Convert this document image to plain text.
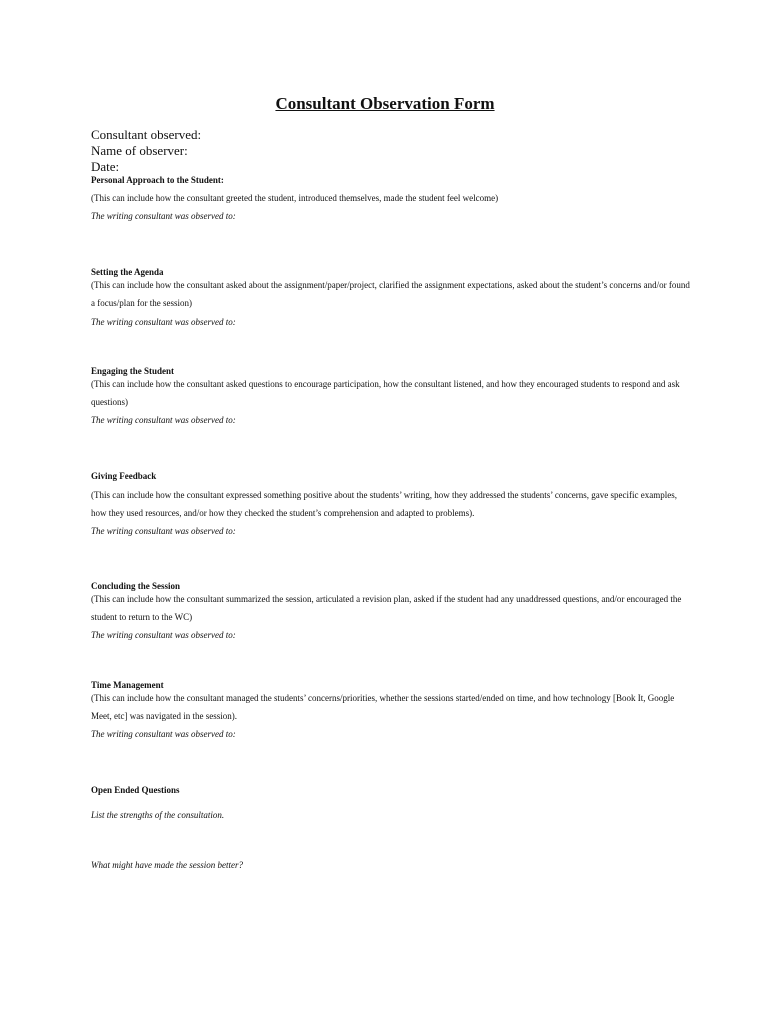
Consultant Observation Form
Consultant observed:
Name of observer:
Date:
Personal Approach to the Student:
(This can include how the consultant greeted the student, introduced themselves, made the student feel welcome)
The writing consultant was observed to:
Setting the Agenda
(This can include how the consultant asked about the assignment/paper/project, clarified the assignment expectations, asked about the student’s concerns and/or found a focus/plan for the session)
The writing consultant was observed to:
Engaging the Student
(This can include how the consultant asked questions to encourage participation, how the consultant listened, and how they encouraged students to respond and ask questions)
The writing consultant was observed to:
Giving Feedback
(This can include how the consultant expressed something positive about the students’ writing, how they addressed the students’ concerns, gave specific examples, how they used resources, and/or how they checked the student’s comprehension and adapted to problems).
The writing consultant was observed to:
Concluding the Session
(This can include how the consultant summarized the session, articulated a revision plan, asked if the student had any unaddressed questions, and/or encouraged the student to return to the WC)
The writing consultant was observed to:
Time Management
(This can include how the consultant managed the students’ concerns/priorities, whether the sessions started/ended on time, and how technology [Book It, Google Meet, etc] was navigated in the session).
The writing consultant was observed to:
Open Ended Questions
List the strengths of the consultation.
What might have made the session better?
